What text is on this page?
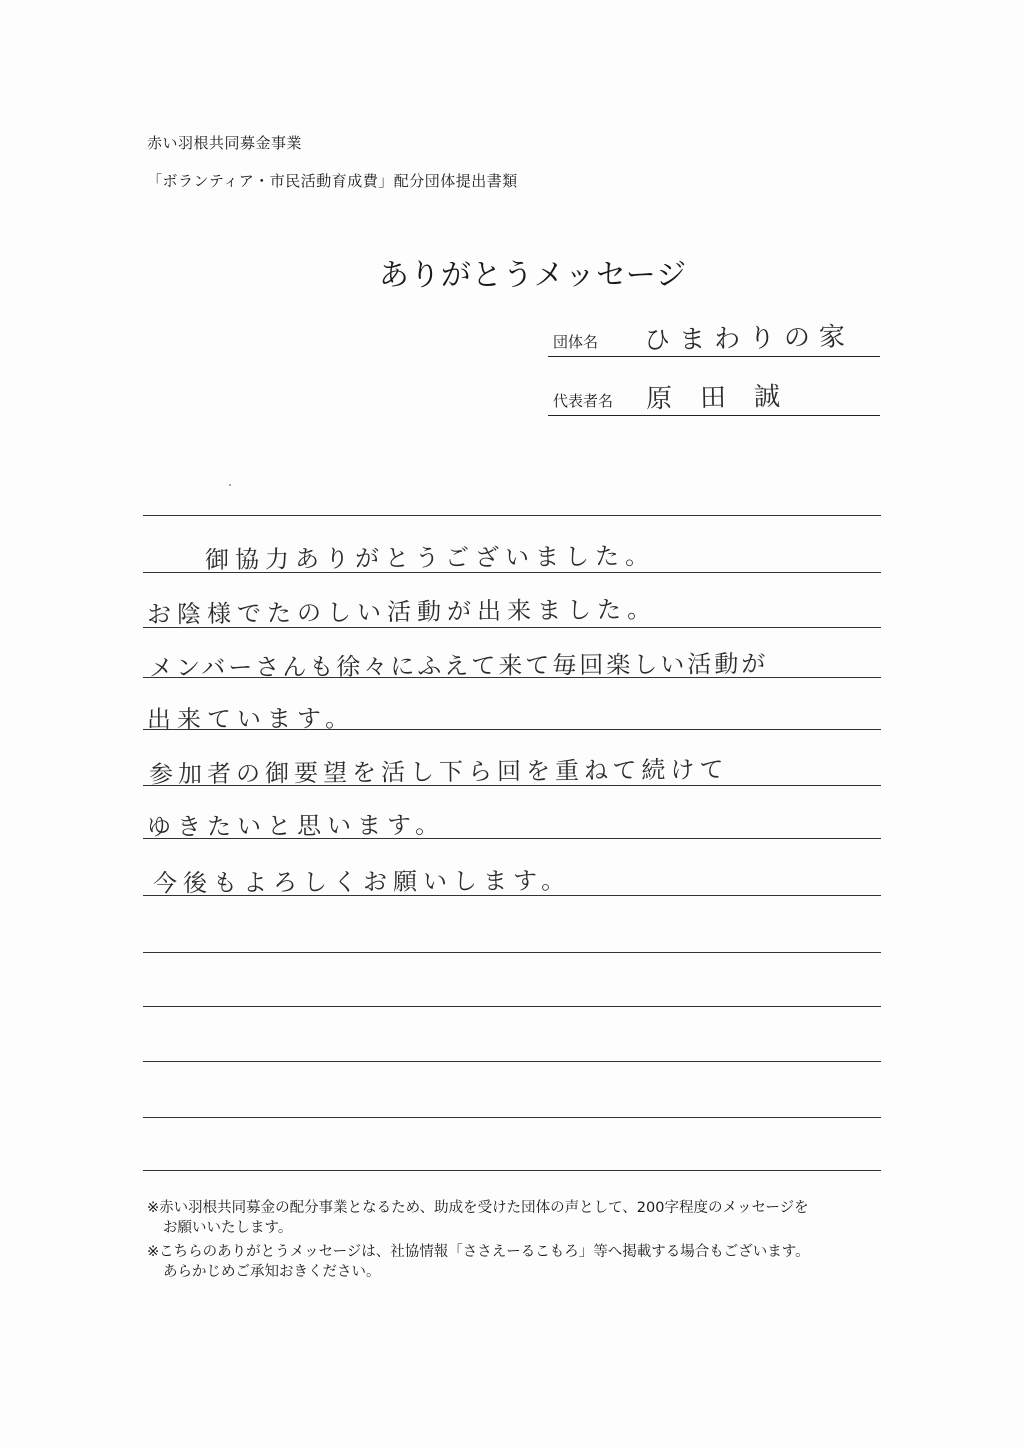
赤い羽根共同募金事業
「ボランティア・市民活動育成費」配分団体提出書類
ありがとうメッセージ
団体名 ひまわりの家
代表者名 原田誠
御協力ありがとうございました。
お陰様でたのしい活動が出来ました。
メンバーさんも徐々にふえて来て毎回楽しい活動が
出来ています。
参加者の御要望を活し下ら回を重ねて続けて
ゆきたいと思います。
今後もよろしくお願いします。
※赤い羽根共同募金の配分事業となるため、助成を受けた団体の声として、200字程度のメッセージを
お願いいたします。
※こちらのありがとうメッセージは、社協情報「ささえーるこもろ」等へ掲載する場合もございます。
あらかじめご承知おきください。
